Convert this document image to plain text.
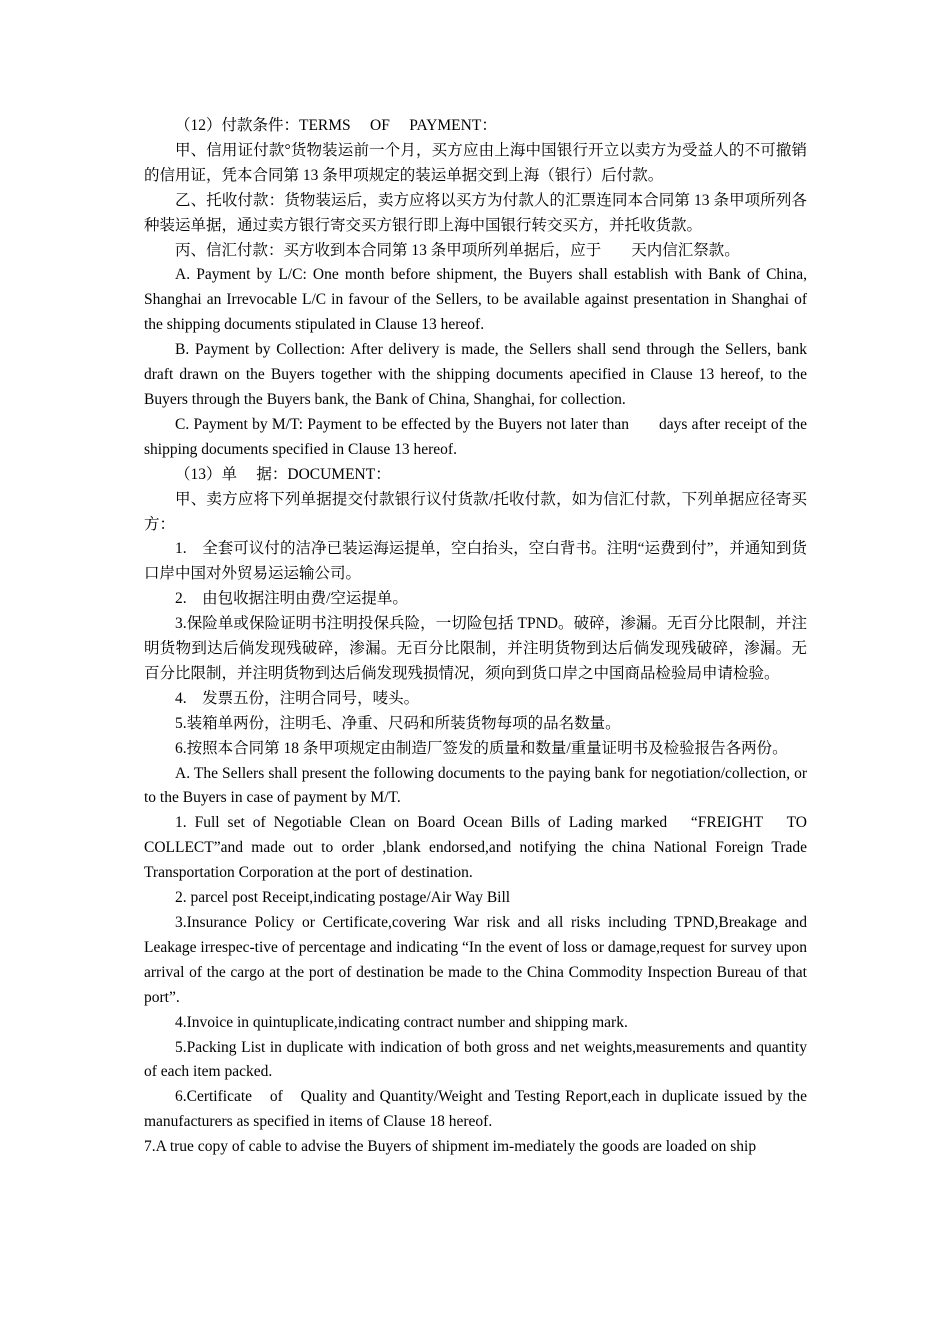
（12）付款条件：TERMS　 OF　 PAYMENT：

甲、信用证付款°货物装运前一个月，买方应由上海中国银行开立以卖方为受益人的不可撤销的信用证，凭本合同第 13 条甲项规定的装运单据交到上海（银行）后付款。

乙、托收付款：货物装运后，卖方应将以买方为付款人的汇票连同本合同第 13 条甲项所列各种装运单据，通过卖方银行寄交买方银行即上海中国银行转交买方，并托收货款。

丙、信汇付款：买方收到本合同第 13 条甲项所列单据后，应于 天内信汇祭款。

A. Payment by L/C: One month before shipment, the Buyers shall establish with Bank of China, Shanghai an Irrevocable L/C in favour of the Sellers, to be available against presentation in Shanghai of the shipping documents stipulated in Clause 13 hereof.

B. Payment by Collection: After delivery is made, the Sellers shall send through the Sellers, bank draft drawn on the Buyers together with the shipping documents apecified in Clause 13 hereof, to the Buyers through the Buyers bank, the Bank of China, Shanghai, for collection.

C. Payment by M/T: Payment to be effected by the Buyers not later than days after receipt of the shipping documents specified in Clause 13 hereof.

（13）单　 据：DOCUMENT：

甲、卖方应将下列单据提交付款银行议付货款/托收付款，如为信汇付款，下列单据应径寄买方：

1.　全套可议付的洁净已装运海运提单，空白抬头，空白背书。注明“运费到付”，并通知到货口岸中国对外贸易运运输公司。

2.　由包收据注明由费/空运提单。

3.保险单或保险证明书注明投保兵险，一切险包括 TPND。破碎，渗漏。无百分比限制，并注明货物到达后倘发现残破碎，渗漏。无百分比限制，并注明货物到达后倘发现残破碎，渗漏。无百分比限制，并注明货物到达后倘发现残损情况，须向到货口岸之中国商品检验局申请检验。

4.　发票五份，注明合同号，唛头。

5.装箱单两份，注明毛、净重、尺码和所装货物每项的品名数量。

6.按照本合同第 18 条甲项规定由制造厂签发的质量和数量/重量证明书及检验报告各两份。

A. The Sellers shall present the following documents to the paying bank for negotiation/collection, or to the Buyers in case of payment by M/T.

1. Full set of Negotiable Clean on Board Ocean Bills of Lading marked　“FREIGHT　TO COLLECT”and made out to order ,blank endorsed,and notifying the china National Foreign Trade Transportation Corporation at the port of destination.

2. parcel post Receipt,indicating postage/Air Way Bill

3.Insurance Policy or Certificate,covering War risk and all risks including TPND,Breakage and Leakage irrespec-tive of percentage and indicating “In the event of loss or damage,request for survey upon arrival of the cargo at the port of destination be made to the China Commodity Inspection Bureau of that port”.

4.Invoice in quintuplicate,indicating contract number and shipping mark.

5.Packing List in duplicate with indication of both gross and net weights,measurements and quantity of each item packed.

6.Certificate　of　Quality and Quantity/Weight and Testing Report,each in duplicate issued by the manufacturers as specified in items of Clause 18 hereof.

7.A true copy of cable to advise the Buyers of shipment im-mediately the goods are loaded on ship
